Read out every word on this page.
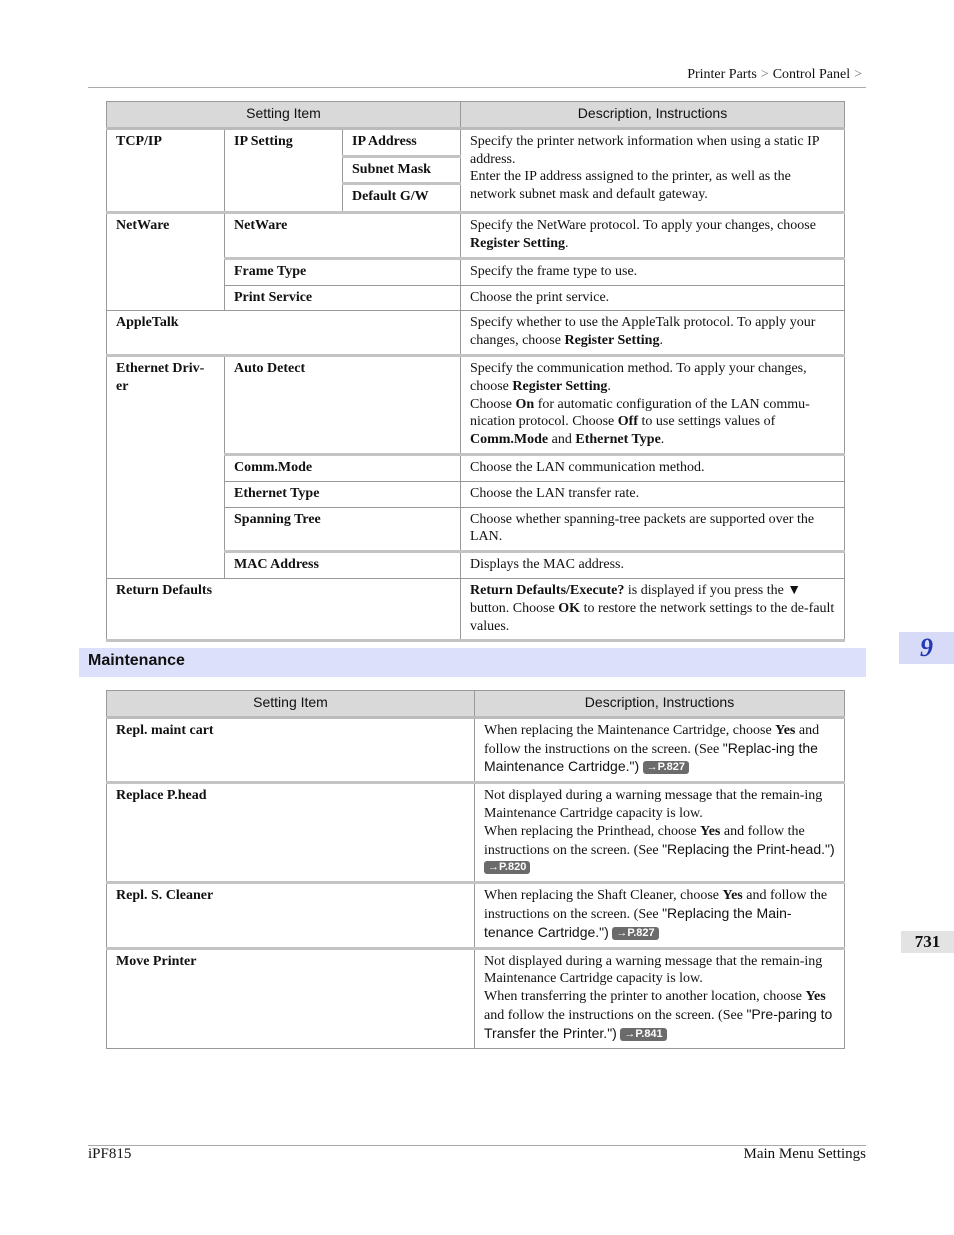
Printer Parts > Control Panel >
Setting Item			Description, Instructions
TCP/IP	IP Setting	IP Address	Specify the printer network information when using a static IP address.
Enter the IP address assigned to the printer, as well as the network subnet mask and default gateway.

		Subnet Mask	
		Default G/W	
NetWare	NetWare		Specify the NetWare protocol. To apply your changes, choose Register Setting.
	Frame Type		Specify the frame type to use.
	Print Service		Choose the print service.
AppleTalk			Specify whether to use the AppleTalk protocol. To apply your changes, choose Register Setting.
Ethernet Driv-er	Auto Detect		Specify the communication method. To apply your changes, choose Register Setting.
Choose On for automatic configuration of the LAN commu-nication protocol. Choose Off to use settings values of Comm.Mode and Ethernet Type.

	Comm.Mode		Choose the LAN communication method.
	Ethernet Type		Choose the LAN transfer rate.
	Spanning Tree		Choose whether spanning-tree packets are supported over the LAN.
	MAC Address		Displays the MAC address.
Return Defaults			Return Defaults/Execute? is displayed if you press the ▼ button. Choose OK to restore the network settings to the de-fault values.
9
Maintenance
Setting Item	Description, Instructions
Repl. maint cart	When replacing the Maintenance Cartridge, choose Yes and follow the instructions on the screen. (See "Replac-ing the Maintenance Cartridge.") →P.827
Replace P.head	Not displayed during a warning message that the remain-ing Maintenance Cartridge capacity is low.
When replacing the Printhead, choose Yes and follow the instructions on the screen. (See "Replacing the Print-head.") →P.820

Repl. S. Cleaner	When replacing the Shaft Cleaner, choose Yes and follow the instructions on the screen. (See "Replacing the Main-tenance Cartridge.") →P.827
Move Printer	Not displayed during a warning message that the remain-ing Maintenance Cartridge capacity is low.
When transferring the printer to another location, choose Yes and follow the instructions on the screen. (See "Pre-paring to Transfer the Printer.") →P.841
731
iPF815	Main Menu Settings
